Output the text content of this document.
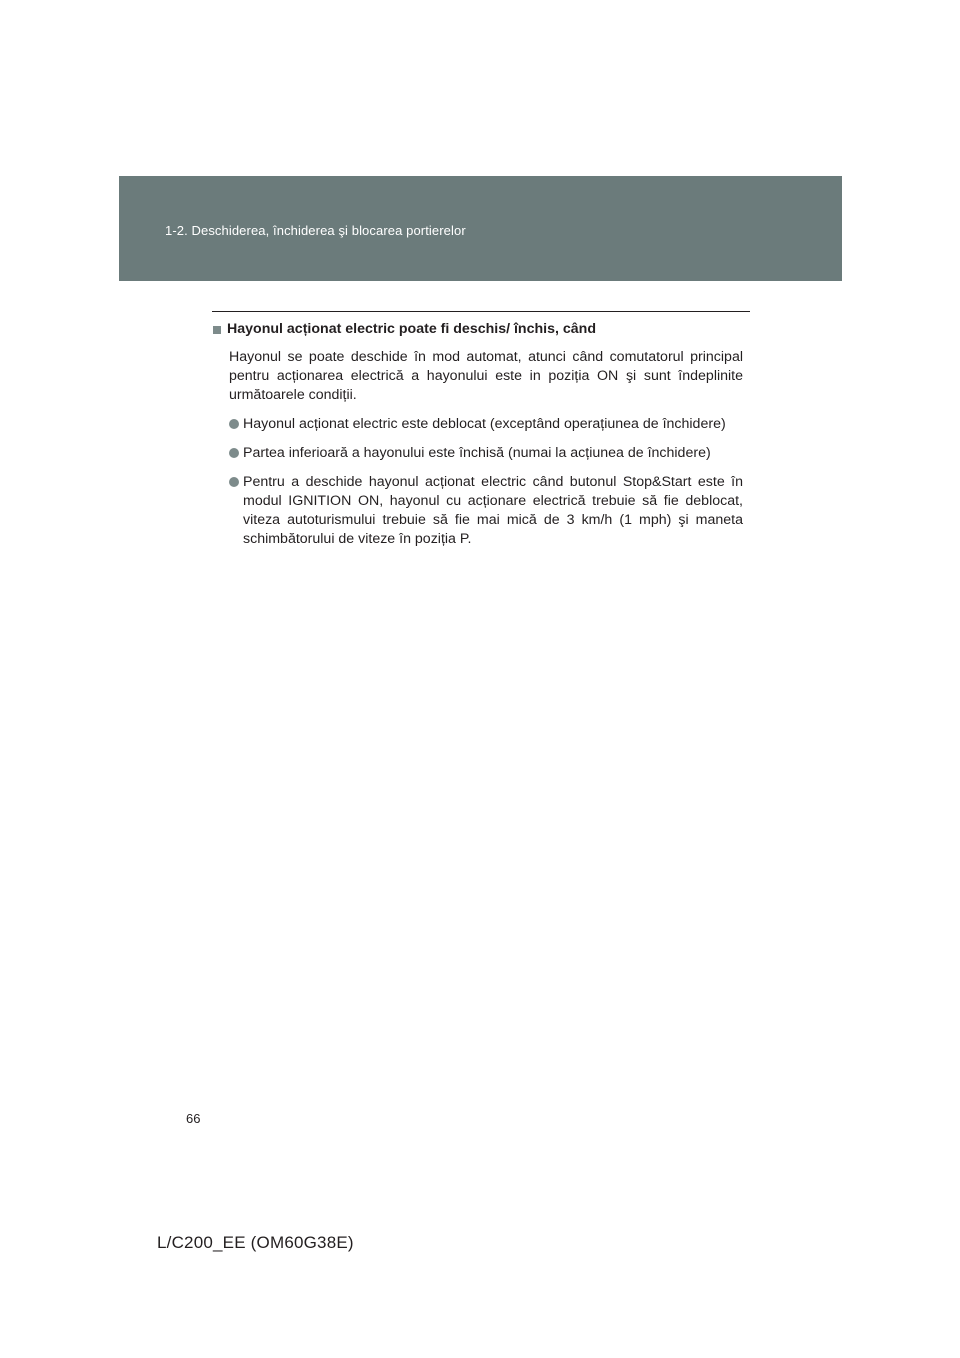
1-2. Deschiderea, închiderea şi blocarea portierelor
Hayonul acționat electric poate fi deschis/ închis, când

Hayonul se poate deschide în mod automat, atunci când comutatorul principal pentru acționarea electrică a hayonului este in poziția ON şi sunt îndeplinite următoarele condiții.

Hayonul acționat electric este deblocat (exceptând operațiunea de închidere)
Partea inferioară a hayonului este închisă (numai la acțiunea de închidere)
Pentru a deschide hayonul acționat electric când butonul Stop&Start este în modul IGNITION ON, hayonul cu acționare electrică trebuie să fie deblocat, viteza autoturismului trebuie să fie mai mică de 3 km/h (1 mph) şi maneta schimbătorului de viteze în poziția P.
66
L/C200_EE (OM60G38E)
